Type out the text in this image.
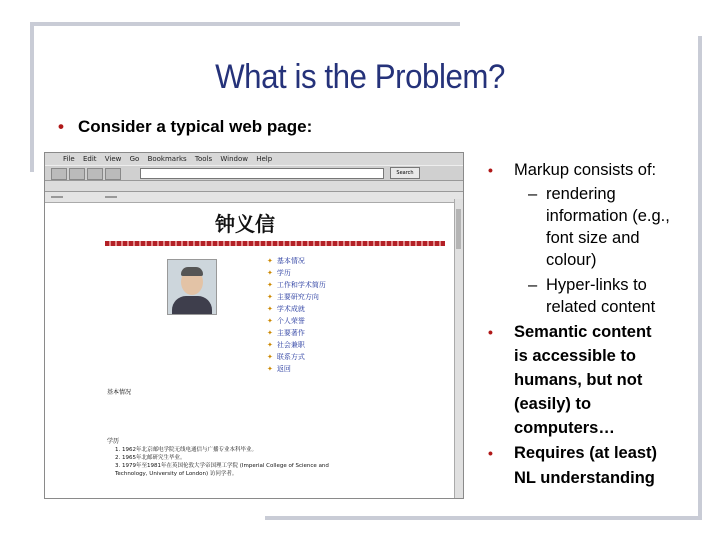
What is the Problem?
• Consider a typical web page:
File Edit View Go Bookmarks Tools Window Help
Search

钟义信
✦ 基本情况
✦ 学历
✦ 工作和学术简历
✦ 主要研究方向
✦ 学术成就
✦ 个人荣誉
✦ 主要著作
✦ 社会兼职
✦ 联系方式
✦ 返回
基本情况
学历
1. 1962年北京邮电学院无线电通信与广播专业本科毕业。
2. 1965年北邮研究生毕业。
3. 1979年至1981年在英国伦敦大学帝国理工学院 (Imperial College of Science and
Technology, University of London) 访问学者。
• Markup consists of:
– rendering
information (e.g.,
font size and
colour)
– Hyper-links to
related content
• Semantic content
is accessible to
humans, but not
(easily) to
computers…
• Requires (at least)
NL understanding
